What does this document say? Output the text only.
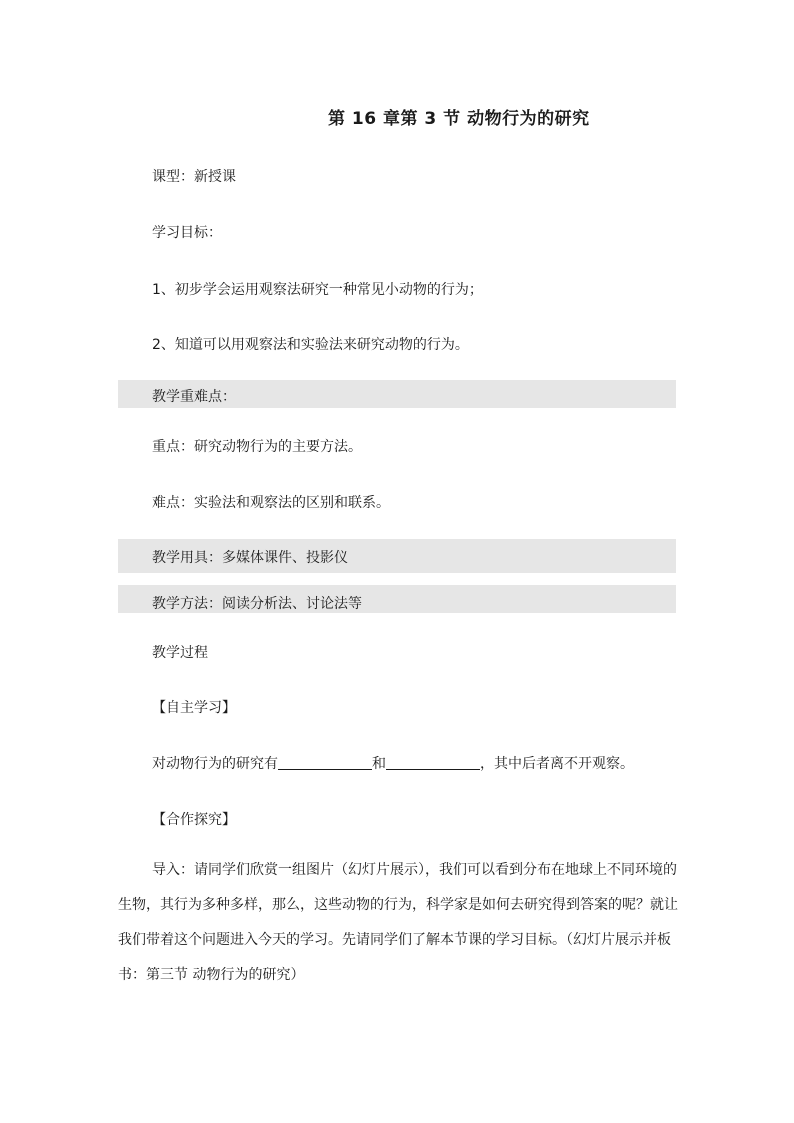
第 16 章第 3 节 动物行为的研究
课型：新授课
学习目标：
1、初步学会运用观察法研究一种常见小动物的行为；
2、知道可以用观察法和实验法来研究动物的行为。
教学重难点：
重点：研究动物行为的主要方法。
难点：实验法和观察法的区别和联系。
教学用具：多媒体课件、投影仪
教学方法：阅读分析法、讨论法等
教学过程
【自主学习】
对动物行为的研究有	和	，其中后者离不开观察。
【合作探究】
导入：请同学们欣赏一组图片（幻灯片展示），我们可以看到分布在地球上不同环境的
生物，其行为多种多样，那么，这些动物的行为，科学家是如何去研究得到答案的呢？就让
我们带着这个问题进入今天的学习。先请同学们了解本节课的学习目标。（幻灯片展示并板
书：第三节 动物行为的研究）
